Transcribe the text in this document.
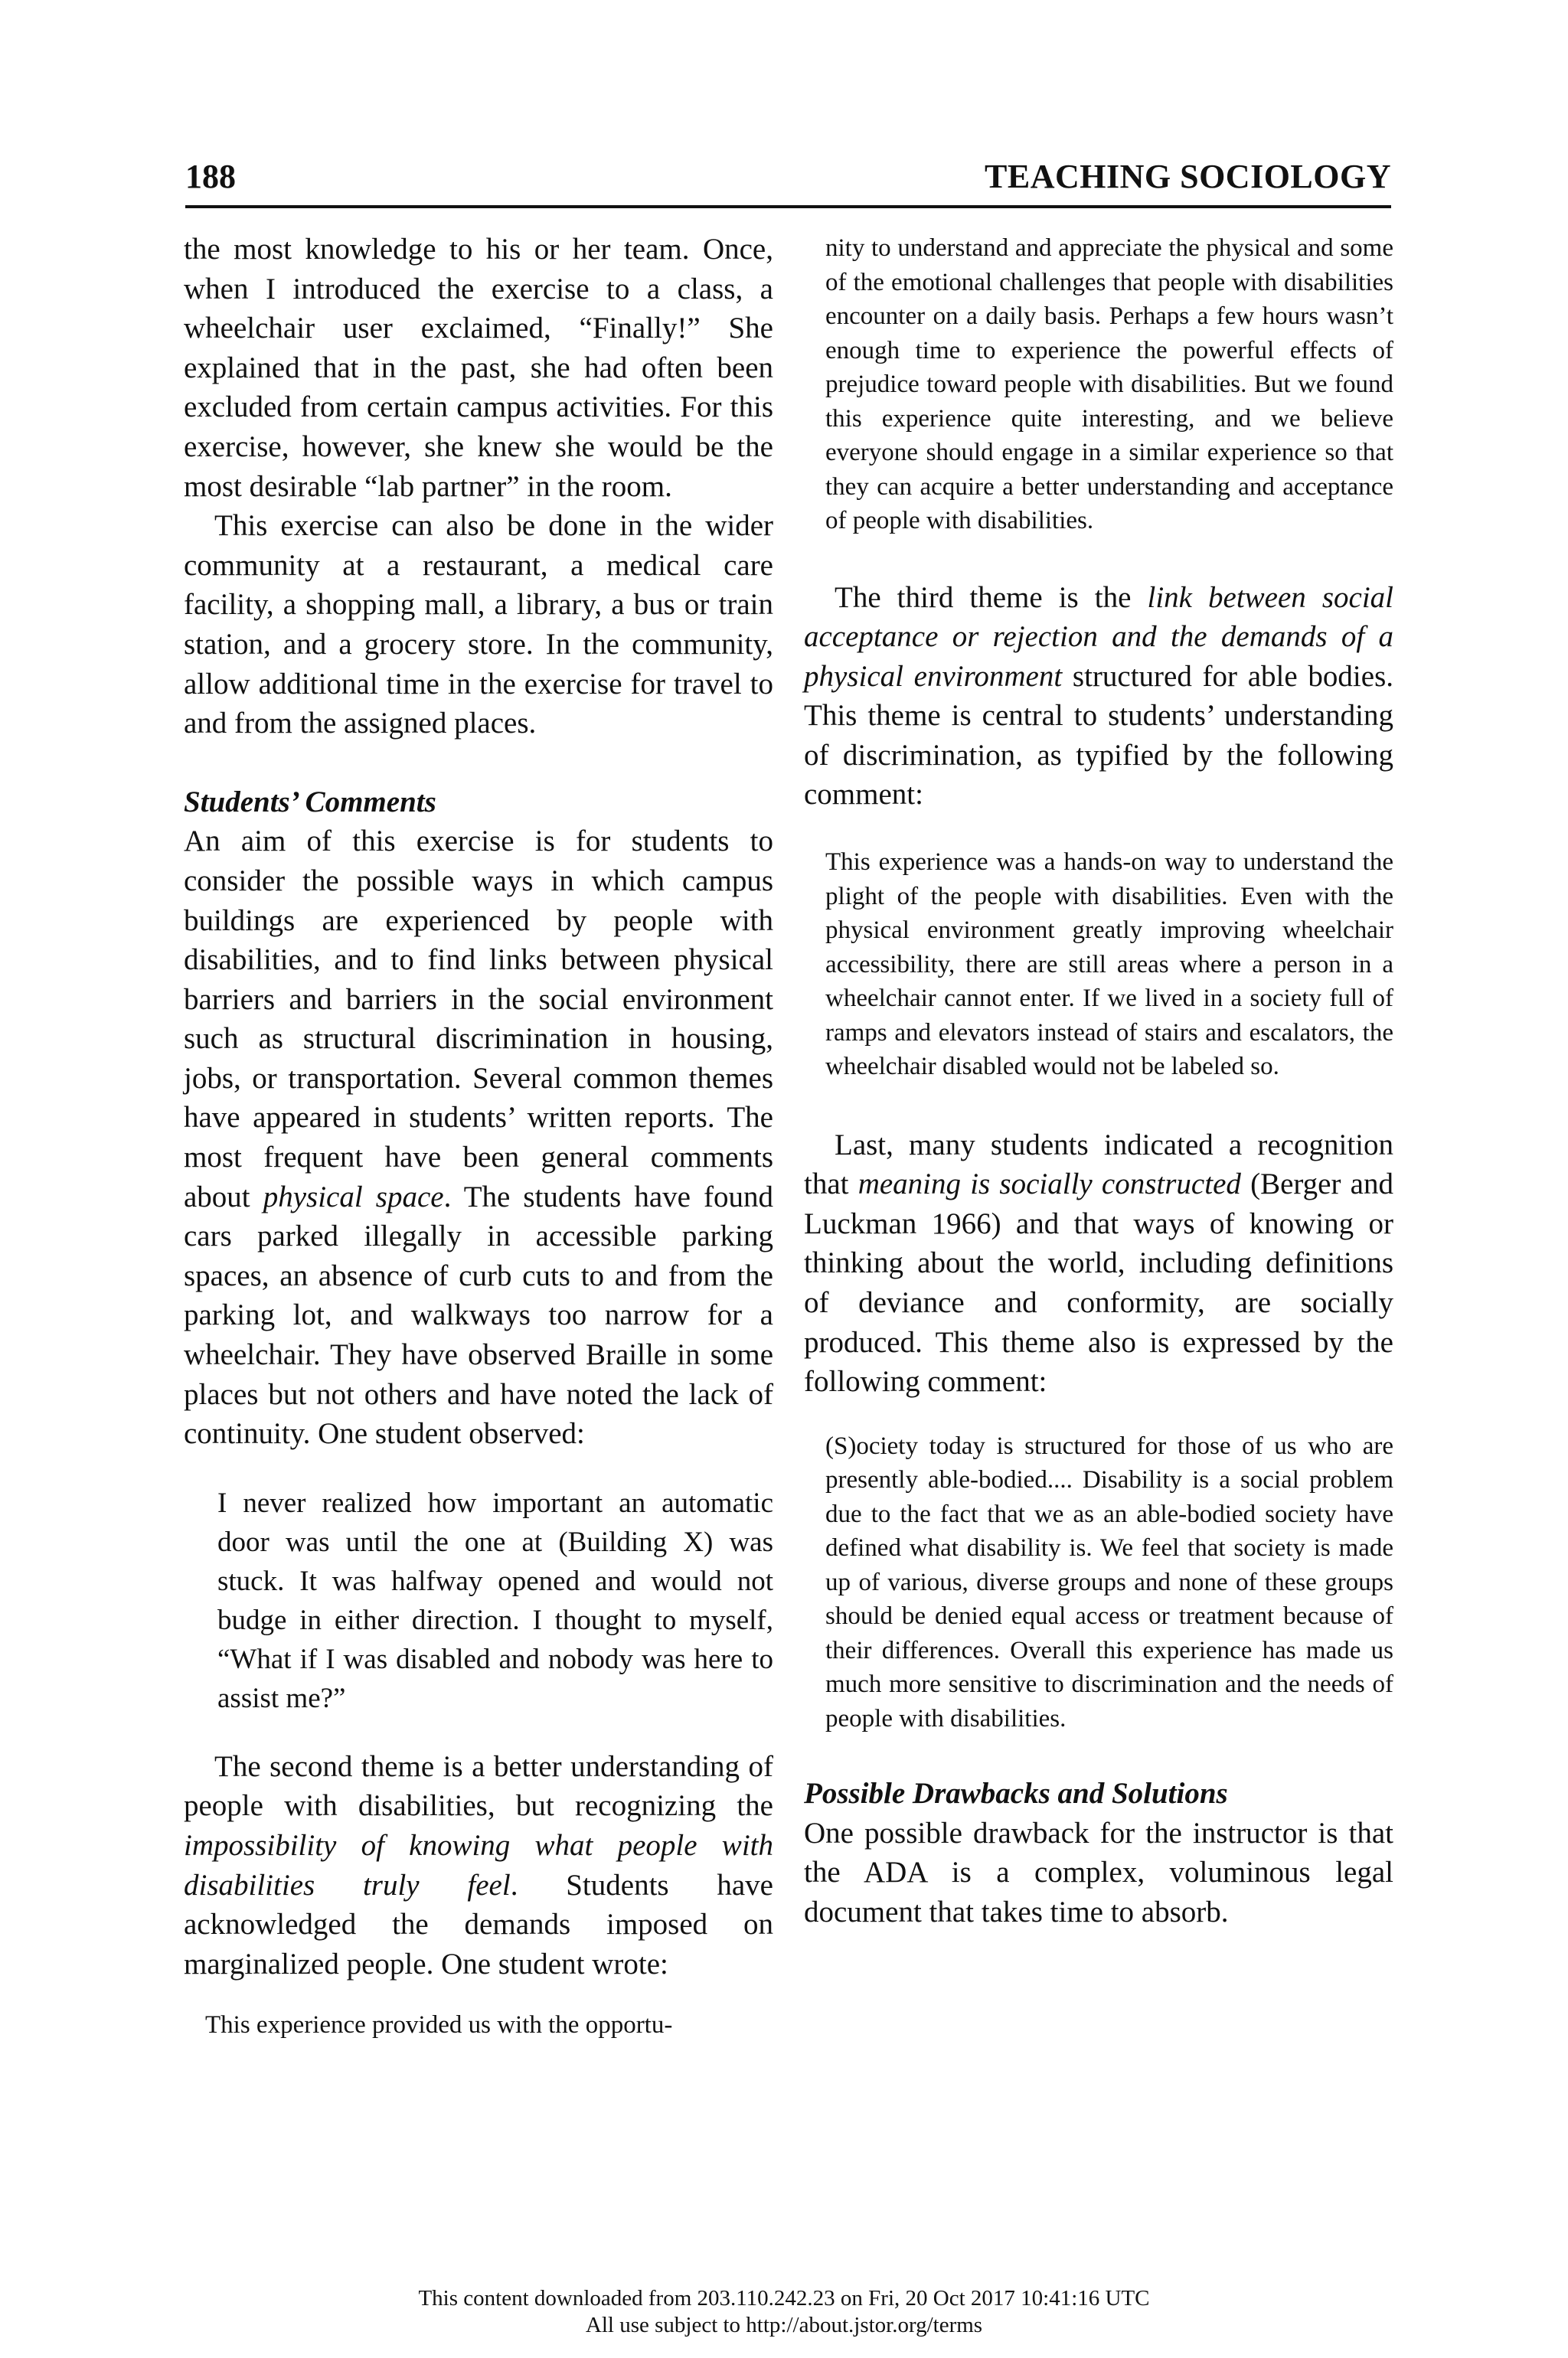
188	TEACHING SOCIOLOGY

the most knowledge to his or her team. Once, when I introduced the exercise to a class, a wheelchair user exclaimed, “Finally!” She explained that in the past, she had often been excluded from certain campus activities. For this exercise, however, she knew she would be the most desirable “lab partner” in the room.

This exercise can also be done in the wider community at a restaurant, a medical care facility, a shopping mall, a library, a bus or train station, and a grocery store. In the community, allow additional time in the exercise for travel to and from the assigned places.

Students’ Comments

An aim of this exercise is for students to consider the possible ways in which campus buildings are experienced by people with disabilities, and to find links between physical barriers and barriers in the social environment such as structural discrimination in housing, jobs, or transportation. Several common themes have appeared in students’ written reports. The most frequent have been general comments about physical space. The students have found cars parked illegally in accessible parking spaces, an absence of curb cuts to and from the parking lot, and walkways too narrow for a wheelchair. They have observed Braille in some places but not others and have noted the lack of continuity. One student observed:

I never realized how important an automatic door was until the one at (Building X) was stuck. It was halfway opened and would not budge in either direction. I thought to myself, “What if I was disabled and nobody was here to assist me?”

The second theme is a better understanding of people with disabilities, but recognizing the impossibility of knowing what people with disabilities truly feel. Students have acknowledged the demands imposed on marginalized people. One student wrote:

This experience provided us with the opportu-

nity to understand and appreciate the physical and some of the emotional challenges that people with disabilities encounter on a daily basis. Perhaps a few hours wasn’t enough time to experience the powerful effects of prejudice toward people with disabilities. But we found this experience quite interesting, and we believe everyone should engage in a similar experience so that they can acquire a better understanding and acceptance of people with disabilities.

The third theme is the link between social acceptance or rejection and the demands of a physical environment structured for able bodies. This theme is central to students’ understanding of discrimination, as typified by the following comment:

This experience was a hands-on way to understand the plight of the people with disabilities. Even with the physical environment greatly improving wheelchair accessibility, there are still areas where a person in a wheelchair cannot enter. If we lived in a society full of ramps and elevators instead of stairs and escalators, the wheelchair disabled would not be labeled so.

Last, many students indicated a recognition that meaning is socially constructed (Berger and Luckman 1966) and that ways of knowing or thinking about the world, including definitions of deviance and conformity, are socially produced. This theme also is expressed by the following comment:

(S)ociety today is structured for those of us who are presently able-bodied.... Disability is a social problem due to the fact that we as an able-bodied society have defined what disability is. We feel that society is made up of various, diverse groups and none of these groups should be denied equal access or treatment because of their differences. Overall this experience has made us much more sensitive to discrimination and the needs of people with disabilities.

Possible Drawbacks and Solutions

One possible drawback for the instructor is that the ADA is a complex, voluminous legal document that takes time to absorb.

This content downloaded from 203.110.242.23 on Fri, 20 Oct 2017 10:41:16 UTC
All use subject to http://about.jstor.org/terms
